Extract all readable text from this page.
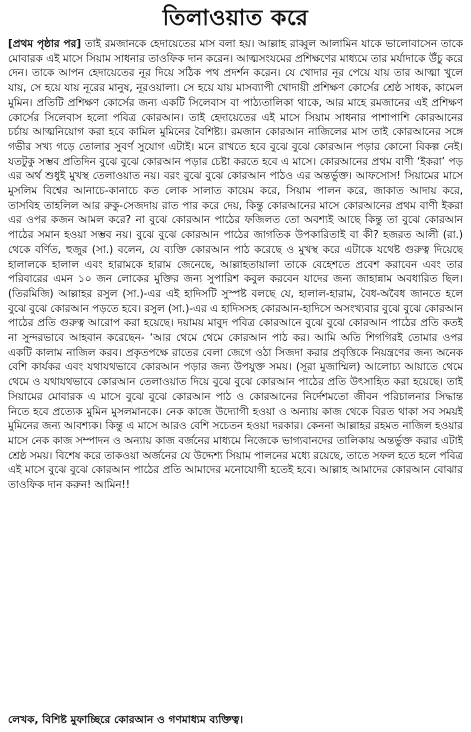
তিলাওয়াত করে

[প্রথম পৃষ্ঠার পর] তাই রমজানকে হেদায়েতের মাস বলা হয়। আল্লাহ রাব্বুল আলামিন যাকে ভালোবাসেন তাকে মোবারক এই মাসে সিয়াম সাধনার তাওফিক দান করেন। আত্মসংযমের প্রশিক্ষণের মাধ্যমে তার মর্যাদাকে উঁচু করে দেন। তাকে আপন হেদায়েতের নূর দিয়ে সঠিক পথ প্রদর্শন করেন। যে খোদার নূর পেয়ে যায় তার আত্মা খুলে যায়, সে হয়ে যায় নূরের মানুষ, নূরওয়ালা। সে হয়ে যায় মাসব্যাপী খোদায়ী প্রশিক্ষণ কোর্সের শ্রেষ্ঠ সাধক, কামেল মুমিন। প্রতিটি প্রশিক্ষণ কোর্সের জন্য একটি সিলেবাস বা পাঠ্যতালিকা থাকে, আর মাহে রমজানের এই প্রশিক্ষণ কোর্সের সিলেবাস হলো পবিত্র কোরআন। তাই হেদায়েতের এই মাসে সিয়াম সাধনার পাশাপাশি কোরআনের চর্চায় আত্মনিয়োগ করা হবে কামিল মুমিনের বৈশিষ্ট্য। রমজান কোরআন নাজিলের মাস তাই কোরআনের সঙ্গে গভীর সখ্য গড়ে তোলার সুবর্ণ সুযোগ এটাই। মনে রাখতে হবে বুঝে বুঝে কোরআন পড়ার কোনো বিকল্প নেই। যতটুকু সম্ভব প্রতিদিন বুঝে বুঝে কোরআন পড়ার চেষ্টা করতে হবে এ মাসে। কোরআনের প্রথম বাণী ‘ইকরা’ পড় এর অর্থ শুধুই মুখস্থ তেলাওয়াত নয়। বরং বুঝে বুঝে কোরআন পাঠও এর অন্তর্ভুক্ত। আফসোস! সিয়ামের মাসে মুসলিম বিশ্বের আনাচে-কানাচে কত লোক সালাত কায়েম করে, সিয়াম পালন করে, জাকাত আদায় করে, তাসবিহ তাহলিল আর রুকু-সেজদায় রাত পার করে দেয়, কিন্তু কোরআনের মাসে কোরআনের প্রথম বাণী ইকরা এর ওপর কজন আমল করে? না বুঝে কোরআন পাঠের ফজিলত তো অবশ্যই আছে কিন্তু তা বুঝে কোরআন পাঠের সমান হওয়া সম্ভব নয়। বুঝে বুঝে কোরআন পাঠের জাগতিক উপকারিতাই বা কী? হজরত আলী (রা.) থেকে বর্ণিত, হুজুর (সা.) বলেন, যে ব্যক্তি কোরআন পাঠ করেছে ও মুখস্থ করে এটাকে যথেষ্ট গুরুত্ব দিয়েছে হালালকে হালাল এবং হারামকে হারাম জেনেছে, আল্লাহতায়ালা তাকে বেহেশতে প্রবেশ করাবেন এবং তার পরিবারের এমন ১০ জন লোকের মুক্তির জন্য সুপারিশ কবুল করবেন যাদের জন্য জাহান্নাম অবধারিত ছিল। (তিরমিজি) আল্লাহর রসুল (সা.)-এর এই হাদিসটি সুস্পষ্ট বলছে যে, হালাল-হারাম, বৈধ-অবৈধ জানতে হলে বুঝে বুঝে কোরআন পড়তে হবে। রসুল (সা.)-এর এ হাদিসসহ কোরআন-হাদিসে অসংখ্যবার বুঝে বুঝে কোরআন পাঠের প্রতি গুরুত্ব আরোপ করা হয়েছে। দয়াময় মাবুদ পবিত্র কোরআনে বুঝে বুঝে কোরআন পাঠের প্রতি কতই না সুন্দরভাবে আহবান করেছেন- ‘আর থেমে থেমে কোরআন পাঠ কর। আমি অতি শিগগিরই তোমার ওপর একটি কালাম নাজিল করব। প্রকৃতপক্ষে রাতের বেলা জেগে ওঠা সিজদা করার প্রবৃত্তিকে নিয়ন্ত্রণের জন্য অনেক বেশি কার্যকর এবং যথাযথভাবে কোরআন পড়ার জন্য উপযুক্ত সময়। (সূরা মুজাম্মিল) আলোচ্য আয়াতে থেমে থেমে ও যথাযথভাবে কোরআন তেলাওয়াত দিয়ে বুঝে বুঝে কোরআন পাঠের প্রতি উৎসাহিত করা হয়েছে। তাই সিয়ামের মোবারক এ মাসে বুঝে বুঝে কোরআন পাঠ ও কোরআনের নির্দেশমতো জীবন পরিচালনার সিদ্ধান্ত নিতে হবে প্রত্যেক মুমিন মুসলমানকে। নেক কাজে উদ্যোগী হওয়া ও অন্যায় কাজ থেকে বিরত থাকা সব সময়ই মুমিনের জন্য আবশ্যক। কিন্তু এ মাসে আরও বেশি সচেতন হওয়া দরকার। কেননা আল্লাহর রহমত নাজিল হওয়ার মাসে নেক কাজ সম্পাদন ও অন্যায় কাজ বর্জনের মাধ্যমে নিজেকে ভাগ্যবানদের তালিকায় অন্তর্ভুক্ত করার এটাই শ্রেষ্ঠ সময়। বিশেষ করে তাকওয়া অর্জনের যে উদ্দেশ্য সিয়াম পালনের মধ্যে রয়েছে, তাতে সফল হতে হলে পবিত্র এই মাসে বুঝে বুঝে কোরআন পাঠের প্রতি আমাদের মনোযোগী হতেই হবে। আল্লাহ আমাদের কোরআন বোঝার তাওফিক দান করুন! আমিন!!

লেখক, বিশিষ্ট মুফাচ্ছিরে কোরআন ও গণমাধ্যম ব্যক্তিত্ব।
